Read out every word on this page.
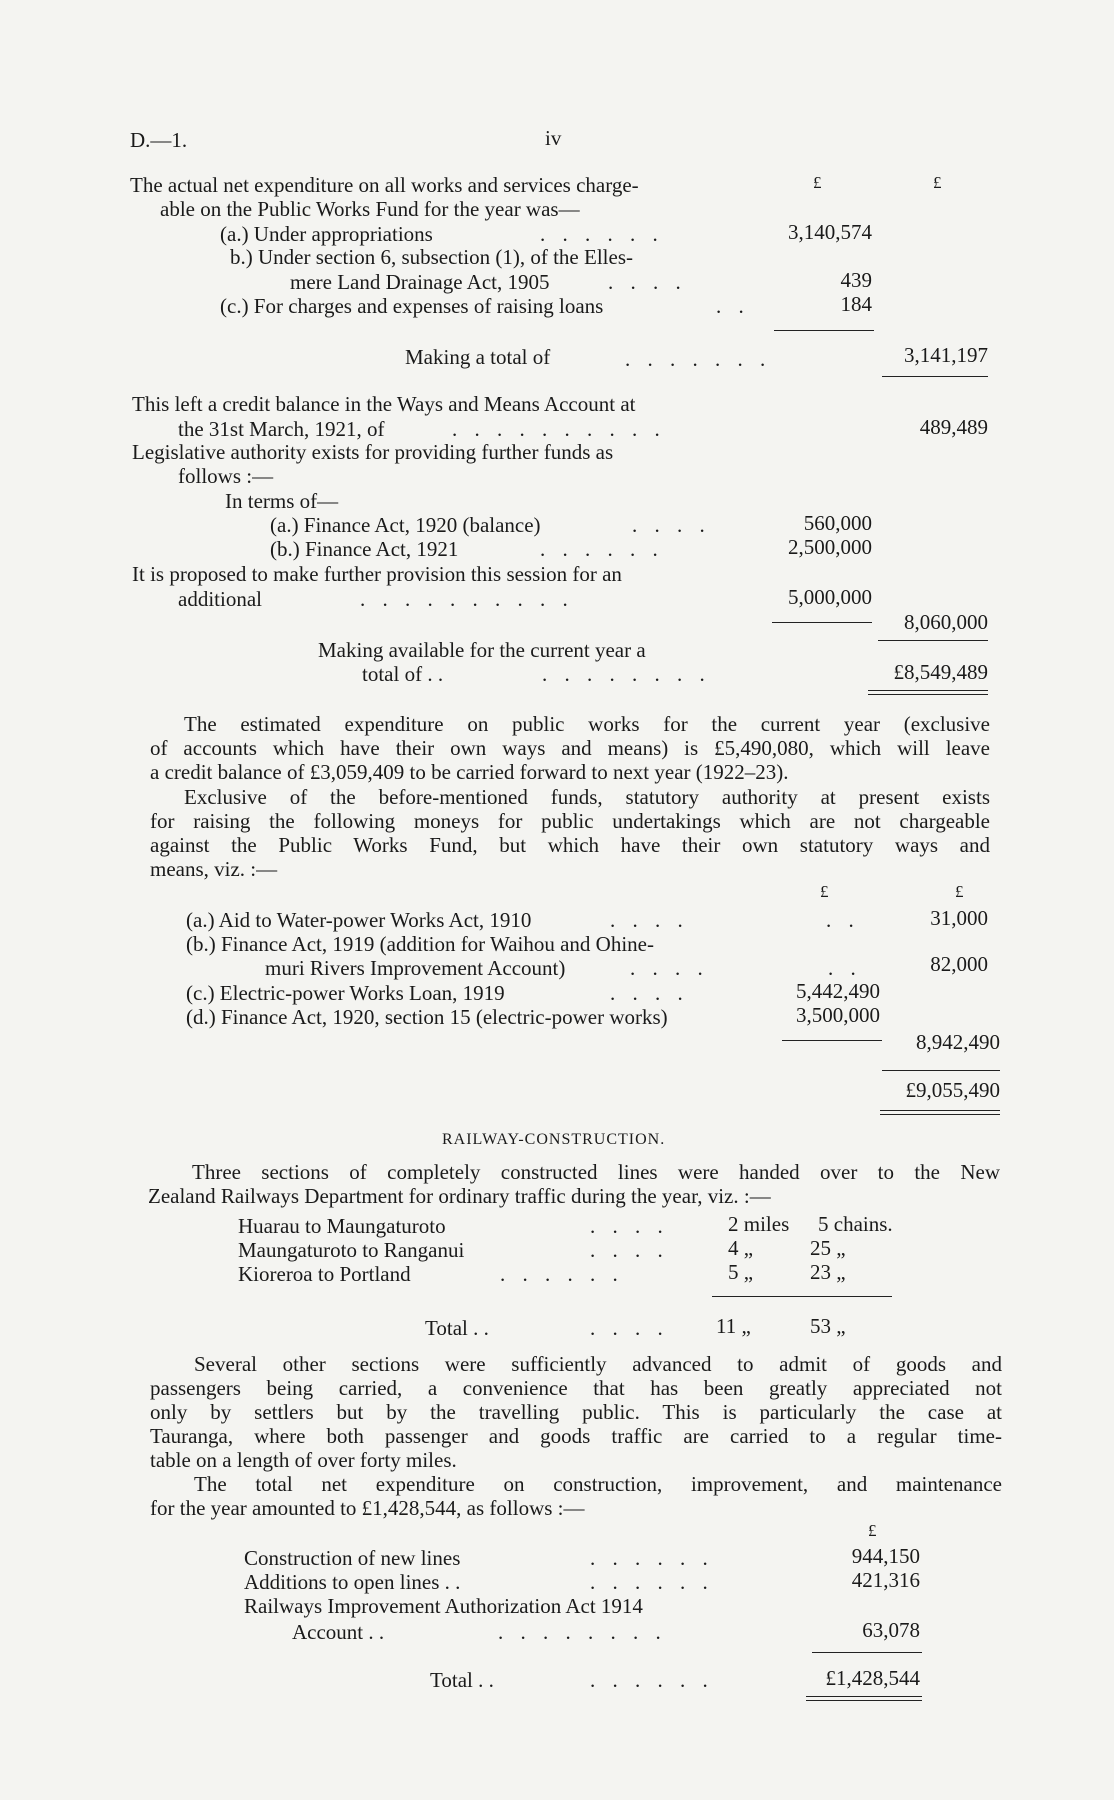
D.—1.	iv
£	£
The actual net expenditure on all works and services charge-
able on the Public Works Fund for the year was—
(a.) Under appropriations	. . . . . .	3,140,574
b.) Under section 6, subsection (1), of the Elles-
mere Land Drainage Act, 1905	. . . .	439
(c.) For charges and expenses of raising loans	. .	184
Making a total of	. . . . . . .	3,141,197
This left a credit balance in the Ways and Means Account at
the 31st March, 1921, of	. . . . . . . . . .	489,489
Legislative authority exists for providing further funds as
follows :—
In terms of—
(a.) Finance Act, 1920 (balance)	. . . .	560,000
(b.) Finance Act, 1921	. . . . . .	2,500,000
It is proposed to make further provision this session for an
additional	. . . . . . . . . .	5,000,000
8,060,000
Making available for the current year a
total of . .	. . . . . . . .	£8,549,489
The estimated expenditure on public works for the current year (exclusive
of accounts which have their own ways and means) is £5,490,080, which will leave
a credit balance of £3,059,409 to be carried forward to next year (1922–23).
Exclusive of the before-mentioned funds, statutory authority at present exists
for raising the following moneys for public undertakings which are not chargeable
against the Public Works Fund, but which have their own statutory ways and
means, viz. :—
£	£
(a.) Aid to Water-power Works Act, 1910	. . . .	. .	31,000
(b.) Finance Act, 1919 (addition for Waihou and Ohine-
muri Rivers Improvement Account)	. . . .	. .	82,000
(c.) Electric-power Works Loan, 1919	. . . .	5,442,490
(d.) Finance Act, 1920, section 15 (electric-power works)	3,500,000
8,942,490
£9,055,490
RAILWAY-CONSTRUCTION.
Three sections of completely constructed lines were handed over to the New
Zealand Railways Department for ordinary traffic during the year, viz. :—
Huarau to Maungaturoto	. . . .	2 miles 5 chains.
Maungaturoto to Ranganui	. . . .	4 „	25 „
Kioreroa to Portland	. . . . . .	5 „	23 „
Total . .	. . . . 11 „	53 „
Several other sections were sufficiently advanced to admit of goods and
passengers being carried, a convenience that has been greatly appreciated not
only by settlers but by the travelling public. This is particularly the case at
Tauranga, where both passenger and goods traffic are carried to a regular time-
table on a length of over forty miles.
The total net expenditure on construction, improvement, and maintenance
for the year amounted to £1,428,544, as follows :—
£
Construction of new lines	. . . . . .	944,150
Additions to open lines . .	. . . . . .	421,316
Railways Improvement Authorization Act 1914
Account . .	. . . . . . . .	63,078
Total . .	. . . . . .	£1,428,544
